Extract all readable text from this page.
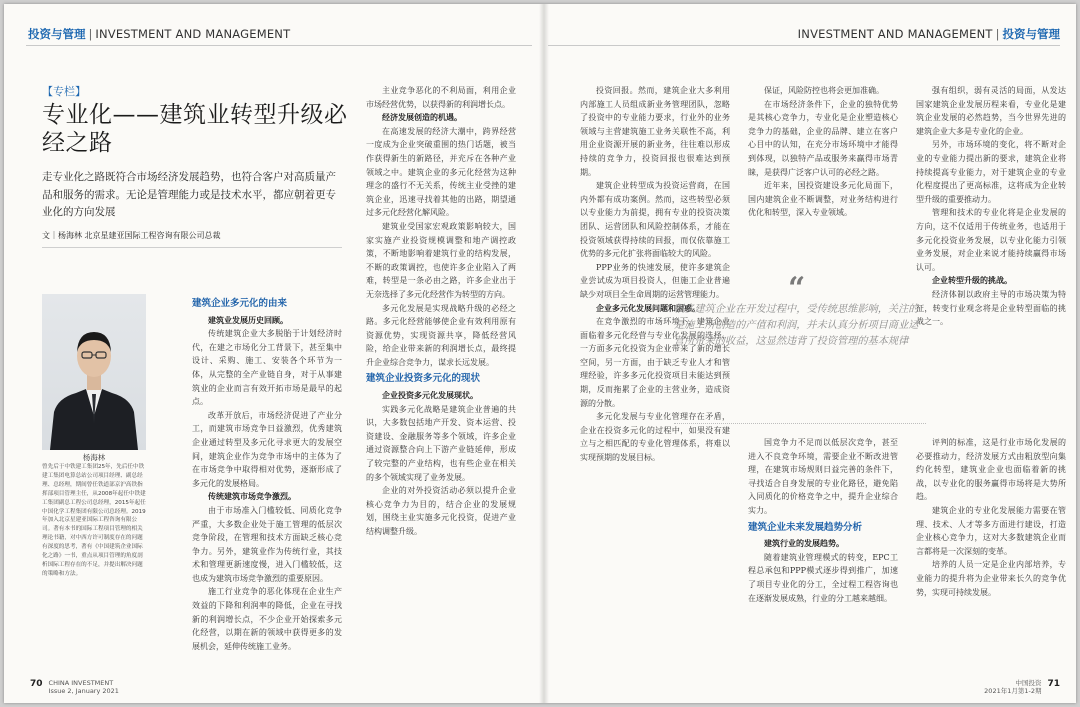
投资与管理 | INVESTMENT AND MANAGEMENT
【专栏】
专业化——建筑业转型升级必经之路
走专业化之路既符合市场经济发展趋势，也符合客户对高质量产品和服务的需求。无论是管理能力或是技术水平，都应朝着更专业化的方向发展
文｜杨海林 北京星建亚国际工程咨询有限公司总裁
杨海林
曾先后于中铁建工集团25年，先后任中铁建工集团电算总站公司项目经理、副总经理、总经理，期间曾任铁道部京沪高铁指挥部项目管理主任，从2008年起任中铁建工集团副总工程公司总经理，2015年起任中国化学工程集团有限公司总经理。2019年加入北京星建亚国际工程咨询有限公司。著有本书的国际工程项目管理的相关理论书籍，对中西方许可制度存在的问题有深度的思考，著有《中国建筑企业国际化之路》一书，重点从项目管理的角度剖析国际工程存在的不足，并提出解决问题的策略和方法。

建筑企业多元化的由来

建筑业发展历史回顾。

传统建筑企业大多脱胎于计划经济时代，在建之市场化分工背景下，甚至集中设计、采购、施工、安装各个环节为一体，从完整的全产业链自身，对于从事建筑业的企业而言有效开拓市场是最早的起点。

改革开放后，市场经济促进了产业分工，而建筑市场竞争日益激烈，优秀建筑企业通过转型及多元化寻求更大的发展空间，建筑企业作为竞争市场中的主体为了在市场竞争中取得相对优势，逐渐形成了多元化的发展格局。

传统建筑市场竞争激烈。

由于市场准入门槛较低、同质化竞争严重，大多数企业处于施工管理的低层次竞争阶段，在管理和技术方面缺乏核心竞争力。另外，建筑业作为传统行业，其技术和管理更新速度慢，进入门槛较低，这也成为建筑市场竞争激烈的重要原因。

施工行业竞争的恶化体现在企业生产效益的下降和利润率的降低，企业在寻找新的利润增长点，不少企业开始探索多元化经营，以期在新的领域中获得更多的发展机会，延伸传统施工业务。

主业竞争恶化的不利局面，利用企业市场经营优势，以获得新的利润增长点。

经济发展创造的机遇。

在高速发展的经济大潮中，跨界经营一度成为企业突破重围的热门话题，被当作获得新生的新路径，并充斥在各种产业领域之中。建筑企业的多元化经营为这种理念的盛行不无关系，传统主业受挫的建筑企业，迅速寻找着其他的出路，期望通过多元化经营化解风险。

建筑业受国家宏观政策影响较大，国家实施产业投资规模调整和地产调控政策，不断地影响着建筑行业的结构发展，不断的政策调控，也使许多企业陷入了两难，转型是一条必由之路，许多企业出于无奈选择了多元化经营作为转型的方向。

多元化发展是实现战略升级的必经之路。多元化经营能够使企业有效利用原有资源优势，实现资源共享，降低经营风险，给企业带来新的利润增长点，最终提升企业综合竞争力，谋求长远发展。

建筑企业投资多元化的现状

企业投资多元化发展现状。

实践多元化战略是建筑企业普遍的共识，大多数包括地产开发、资本运营、投资建设、金融服务等多个领域，许多企业通过资源整合向上下游产业链延伸，形成了较完整的产业结构，也有些企业在相关的多个领域实现了业务发展。

企业的对外投资活动必须以提升企业核心竞争力为目的，结合企业的发展规划，围绕主业实施多元化投资，促进产业结构调整升级。

70 CHINA INVESTMENT
Issue 2, January 2021
INVESTMENT AND MANAGEMENT | 投资与管理

投资回报。然而，建筑企业大多利用内部施工人员组成新业务管理团队，忽略了投资中的专业能力要求，行业外的业务领域与主营建筑施工业务关联性不高，利用企业资源开展的新业务，往往难以形成持续的竞争力，投资回报也很难达到预期。

建筑企业转型成为投资运营商，在国内外都有成功案例。然而，这些转型必须以专业能力为前提，拥有专业的投资决策团队、运营团队和风险控制体系，才能在投资领域获得持续的回报，而仅依靠施工优势的多元化扩张将面临较大的风险。

PPP业务的快速发展，使许多建筑企业尝试成为项目投资人，但施工企业普遍缺少对项目全生命周期的运营管理能力。

企业多元化发展问题和困惑。

在竞争激烈的市场环境下，建筑企业面临着多元化经营与专业化发展的选择，一方面多元化投资为企业带来了新的增长空间，另一方面，由于缺乏专业人才和管理经验，许多多元化投资项目未能达到预期，反而拖累了企业的主营业务，造成资源的分散。

多元化发展与专业化管理存在矛盾，企业在投资多元化的过程中，如果没有建立与之相匹配的专业化管理体系，将难以实现预期的发展目标。

保证，风险防控也将会更加准确。

在市场经济条件下，企业的独特优势是其核心竞争力，专业化是企业塑造核心竞争力的基础，企业的品牌、建立在客户心目中的认知，在充分市场环境中才能得到体现，以独特产品或服务来赢得市场青睐，是获得广泛客户认可的必经之路。

近年来，国投资建设多元化局面下，国内建筑企业不断调整，对业务结构进行优化和转型，深入专业领域。

强有组织，弱有灵活的局面，从发达国家建筑企业发展历程来看，专业化是建筑企业发展的必然趋势，当今世界先进的建筑企业大多是专业化的企业。

另外，市场环境的变化，将不断对企业的专业能力提出新的要求，建筑企业将持续提高专业能力，对于建筑企业的专业化程度提出了更高标准，这将成为企业转型升级的重要推动力。

管理和技术的专业化将是企业发展的方向，这不仅适用于传统业务，也适用于多元化投资业务发展，以专业化能力引领业务发展，对企业来说才能持续赢得市场认可。

企业转型升级的挑战。

经济体制以政府主导的市场决策为特征，转变行业观念将是企业转型面临的挑战之一。

“
很多建筑企业在开发过程中，受传统思维影响，关注的是施工所创造的产值和利润，并未认真分析项目商业运营所带来的收益，这显然违背了投资管理的基本规律

国竞争力不足而以低层次竞争，甚至进入不良竞争环境，需要企业不断改进管理，在建筑市场规则日益完善的条件下，寻找适合自身发展的专业化路径，避免陷入同质化的价格竞争之中，提升企业综合实力。

建筑企业未来发展趋势分析

建筑行业的发展趋势。

随着建筑业管理模式的转变，EPC工程总承包和PPP模式逐步得到推广，加速了项目专业化的分工，全过程工程咨询也在逐渐发展成熟，行业的分工越来越细。

评判的标准，这是行业市场化发展的必要推动力，经济发展方式由粗放型向集约化转型，建筑业企业也面临着新的挑战，以专业化的服务赢得市场将是大势所趋。

建筑企业的专业化发展能力需要在管理、技术、人才等多方面进行建设，打造企业核心竞争力，这对大多数建筑企业而言都将是一次深刻的变革。

培养的人员一定是企业内部培养，专业能力的提升将为企业带来长久的竞争优势，实现可持续发展。

中国投资
2021年1月第1-2期71
